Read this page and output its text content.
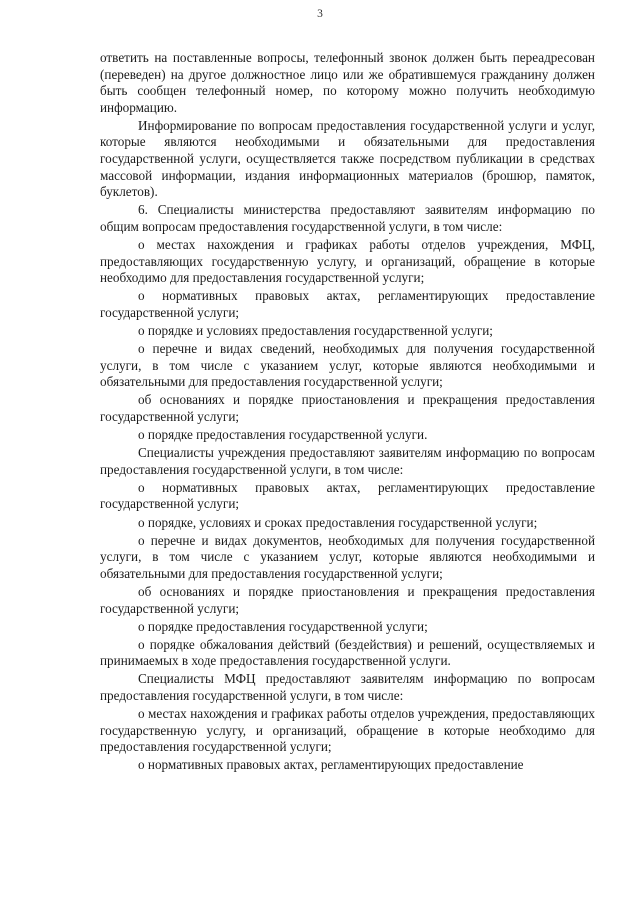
3

ответить на поставленные вопросы, телефонный звонок должен быть переадресован (переведен) на другое должностное лицо или же обратившемуся гражданину должен быть сообщен телефонный номер, по которому можно получить необходимую информацию.

Информирование по вопросам предоставления государственной услуги и услуг, которые являются необходимыми и обязательными для предоставления государственной услуги, осуществляется также посредством публикации в средствах массовой информации, издания информационных материалов (брошюр, памяток, буклетов).

6. Специалисты министерства предоставляют заявителям информацию по общим вопросам предоставления государственной услуги, в том числе:

о местах нахождения и графиках работы отделов учреждения, МФЦ, предоставляющих государственную услугу, и организаций, обращение в которые необходимо для предоставления государственной услуги;

о нормативных правовых актах, регламентирующих предоставление государственной услуги;

о порядке и условиях предоставления государственной услуги;

о перечне и видах сведений, необходимых для получения государственной услуги, в том числе с указанием услуг, которые являются необходимыми и обязательными для предоставления государственной услуги;

об основаниях и порядке приостановления и прекращения предоставления государственной услуги;

о порядке предоставления государственной услуги.

Специалисты учреждения предоставляют заявителям информацию по вопросам предоставления государственной услуги, в том числе:

о нормативных правовых актах, регламентирующих предоставление государственной услуги;

о порядке, условиях и сроках предоставления государственной услуги;

о перечне и видах документов, необходимых для получения государственной услуги, в том числе с указанием услуг, которые являются необходимыми и обязательными для предоставления государственной услуги;

об основаниях и порядке приостановления и прекращения предоставления государственной услуги;

о порядке предоставления государственной услуги;

о порядке обжалования действий (бездействия) и решений, осуществляемых и принимаемых в ходе предоставления государственной услуги.

Специалисты МФЦ предоставляют заявителям информацию по вопросам предоставления государственной услуги, в том числе:

о местах нахождения и графиках работы отделов учреждения, предоставляющих государственную услугу, и организаций, обращение в которые необходимо для предоставления государственной услуги;

о нормативных правовых актах, регламентирующих предоставление
